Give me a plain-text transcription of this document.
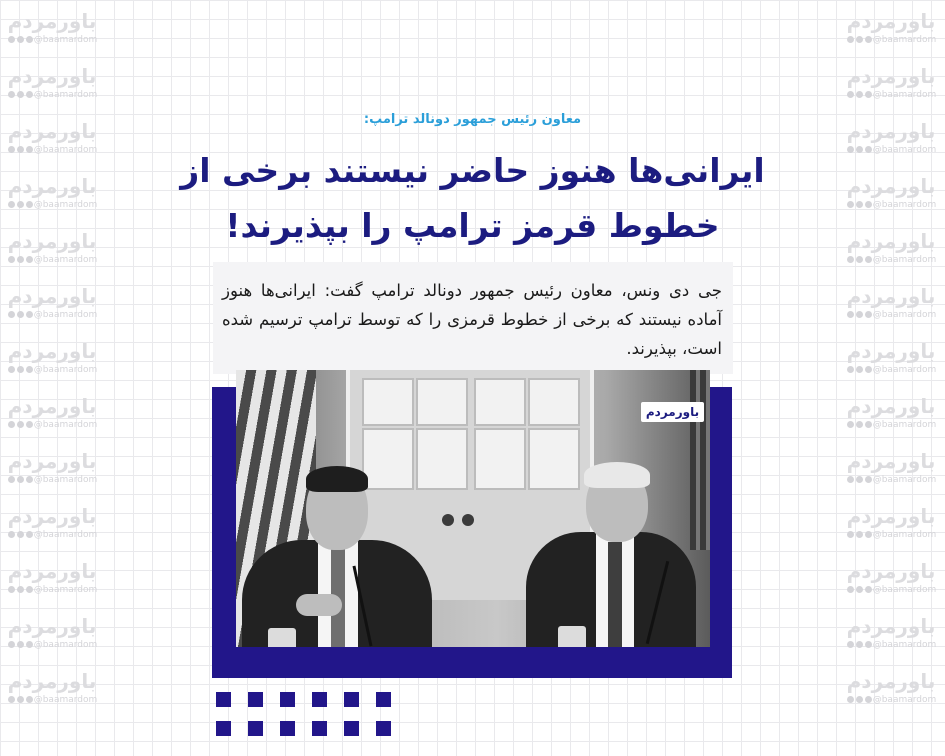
باورمردم
@baamardom
باورمردم
@baamardom
باورمردم
@baamardom
باورمردم
@baamardom
باورمردم
@baamardom
باورمردم
@baamardom
باورمردم
@baamardom
باورمردم
@baamardom
باورمردم
@baamardom
باورمردم
@baamardom
باورمردم
@baamardom
باورمردم
@baamardom
باورمردم
@baamardom
باورمردم
@baamardom
باورمردم
@baamardom
باورمردم
@baamardom
باورمردم
@baamardom
باورمردم
@baamardom
باورمردم
@baamardom
باورمردم
@baamardom
باورمردم
@baamardom
باورمردم
@baamardom
باورمردم
@baamardom
باورمردم
@baamardom
باورمردم
@baamardom
باورمردم
@baamardom
معاون رئیس جمهور دونالد ترامپ:
ایرانی‌ها هنوز حاضر نیستند برخی از
خطوط قرمز ترامپ را بپذیرند!
جی دی ونس، معاون رئیس جمهور دونالد ترامپ گفت: ایرانی‌ها هنوز آماده نیستند که برخی از خطوط قرمزی را که توسط ترامپ ترسیم شده است، بپذیرند.
باورمردم
